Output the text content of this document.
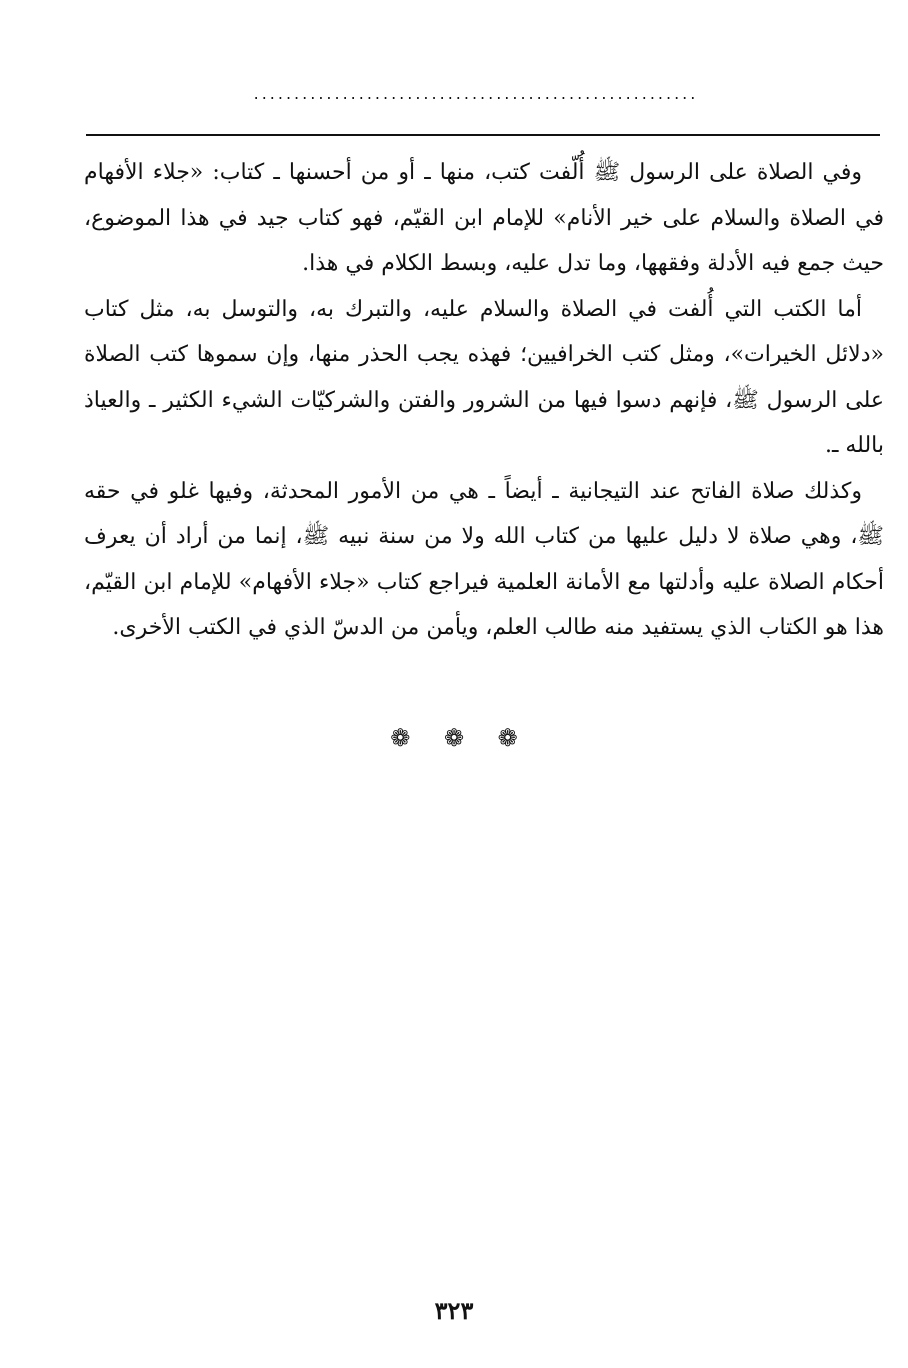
.......................................................

وفي الصلاة على الرسول ﷺ أُلّفت كتب، منها ـ أو من أحسنها ـ كتاب: «جلاء الأفهام في الصلاة والسلام على خير الأنام» للإمام ابن القيّم، فهو كتاب جيد في هذا الموضوع، حيث جمع فيه الأدلة وفقهها، وما تدل عليه، وبسط الكلام في هذا.

أما الكتب التي أُلفت في الصلاة والسلام عليه، والتبرك به، والتوسل به، مثل كتاب «دلائل الخيرات»، ومثل كتب الخرافيين؛ فهذه يجب الحذر منها، وإن سموها كتب الصلاة على الرسول ﷺ، فإنهم دسوا فيها من الشرور والفتن والشركيّات الشيء الكثير ـ والعياذ بالله ـ.

وكذلك صلاة الفاتح عند التيجانية ـ أيضاً ـ هي من الأمور المحدثة، وفيها غلو في حقه ﷺ، وهي صلاة لا دليل عليها من كتاب الله ولا من سنة نبيه ﷺ، إنما من أراد أن يعرف أحكام الصلاة عليه وأدلتها مع الأمانة العلمية فيراجع كتاب «جلاء الأفهام» للإمام ابن القيّم، هذا هو الكتاب الذي يستفيد منه طالب العلم، ويأمن من الدسّ الذي في الكتب الأخرى.

❁ ❁ ❁
٣٢٣
